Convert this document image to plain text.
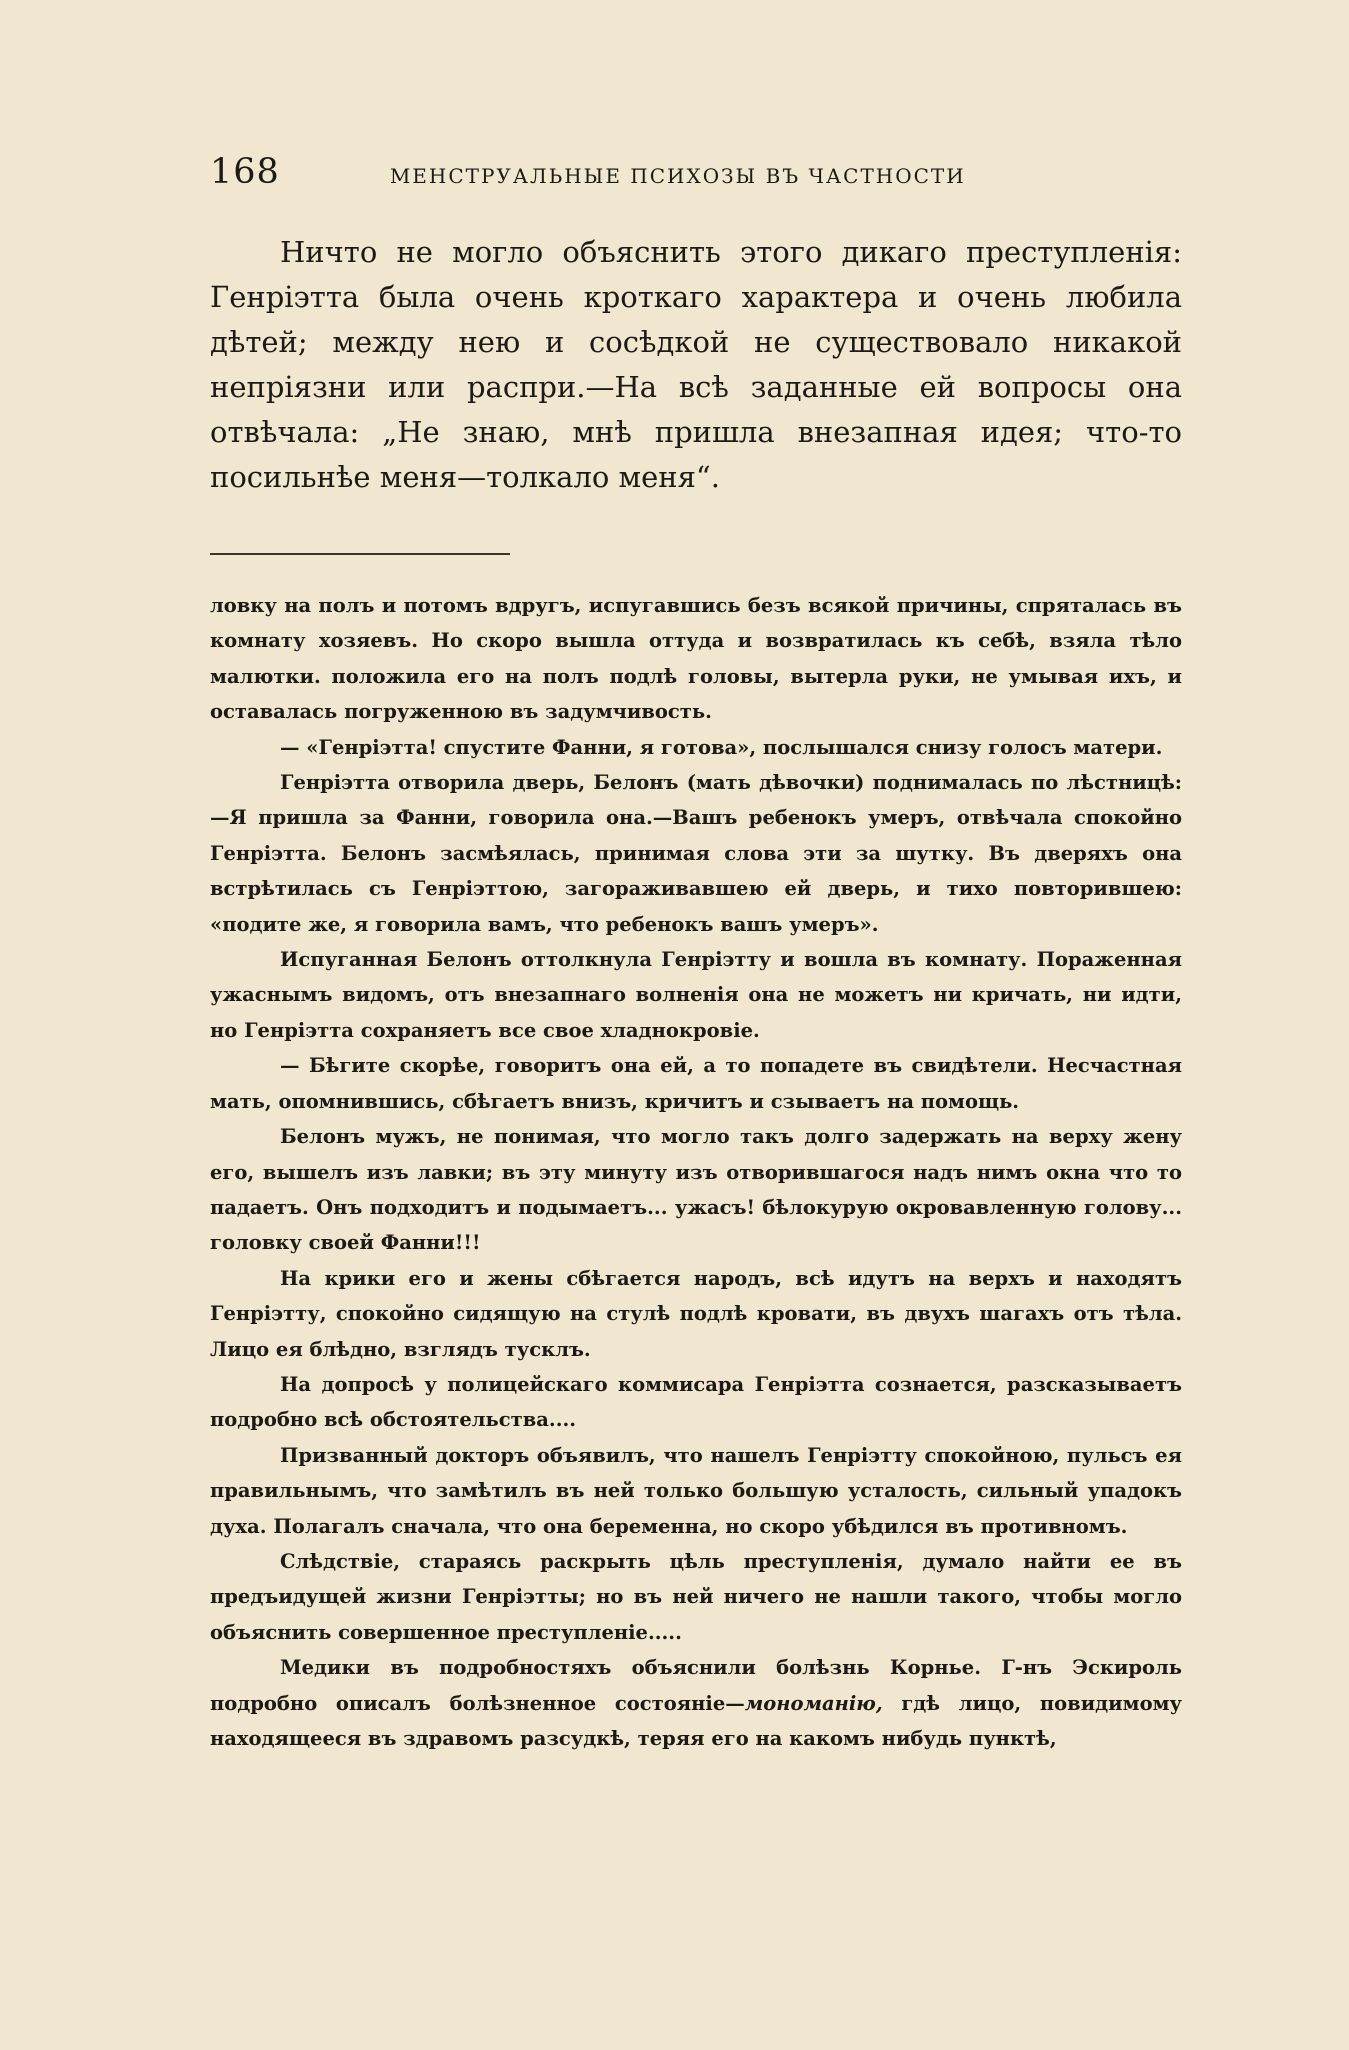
168	МЕНСТРУАЛЬНЫЕ ПСИХОЗЫ ВЪ ЧАСТНОСТИ

Ничто не могло объяснить этого дикаго преступленія: Генріэтта была очень кроткаго характера и очень любила дѣтей; между нею и сосѣдкой не существовало никакой непріязни или распри.—На всѣ заданные ей вопросы она отвѣчала: „Не знаю, мнѣ пришла внезапная идея; что-то посильнѣе меня—толкало меня“.

ловку на полъ и потомъ вдругъ, испугавшись безъ всякой причины, спряталась въ комнату хозяевъ. Но скоро вышла оттуда и возвратилась къ себѣ, взяла тѣло малютки. положила его на полъ подлѣ головы, вытерла руки, не умывая ихъ, и оставалась погруженною въ задумчивость.

— «Генріэтта! спустите Фанни, я готова», послышался снизу голосъ матери.

Генріэтта отворила дверь, Белонъ (мать дѣвочки) поднималась по лѣстницѣ:—Я пришла за Фанни, говорила она.—Вашъ ребенокъ умеръ, отвѣчала спокойно Генріэтта. Белонъ засмѣялась, принимая слова эти за шутку. Въ дверяхъ она встрѣтилась съ Генріэттою, загораживавшею ей дверь, и тихо повторившею: «подите же, я говорила вамъ, что ребенокъ вашъ умеръ».

Испуганная Белонъ оттолкнула Генріэтту и вошла въ комнату. Пораженная ужаснымъ видомъ, отъ внезапнаго волненія она не можетъ ни кричать, ни идти, но Генріэтта сохраняетъ все свое хладнокровіе.

— Бѣгите скорѣе, говоритъ она ей, а то попадете въ свидѣтели. Несчастная мать, опомнившись, сбѣгаетъ внизъ, кричитъ и сзываетъ на помощь.

Белонъ мужъ, не понимая, что могло такъ долго задержать на верху жену его, вышелъ изъ лавки; въ эту минуту изъ отворившагося надъ нимъ окна что то падаетъ. Онъ подходитъ и подымаетъ... ужасъ! бѣлокурую окровавленную голову... головку своей Фанни!!!

На крики его и жены сбѣгается народъ, всѣ идутъ на верхъ и находятъ Генріэтту, спокойно сидящую на стулѣ подлѣ кровати, въ двухъ шагахъ отъ тѣла. Лицо ея блѣдно, взглядъ тусклъ.

На допросѣ у полицейскаго коммисара Генріэтта сознается, разсказываетъ подробно всѣ обстоятельства....

Призванный докторъ объявилъ, что нашелъ Генріэтту спокойною, пульсъ ея правильнымъ, что замѣтилъ въ ней только большую усталость, сильный упадокъ духа. Полагалъ сначала, что она беременна, но скоро убѣдился въ противномъ.

Слѣдствіе, стараясь раскрыть цѣль преступленія, думало найти ее въ предъидущей жизни Генріэтты; но въ ней ничего не нашли такого, чтобы могло объяснить совершенное преступленіе.....

Медики въ подробностяхъ объяснили болѣзнь Корнье. Г-нъ Эскироль подробно описалъ болѣзненное состояніе—мономанію, гдѣ лицо, повидимому находящееся въ здравомъ разсудкѣ, теряя его на какомъ нибудь пунктѣ,
